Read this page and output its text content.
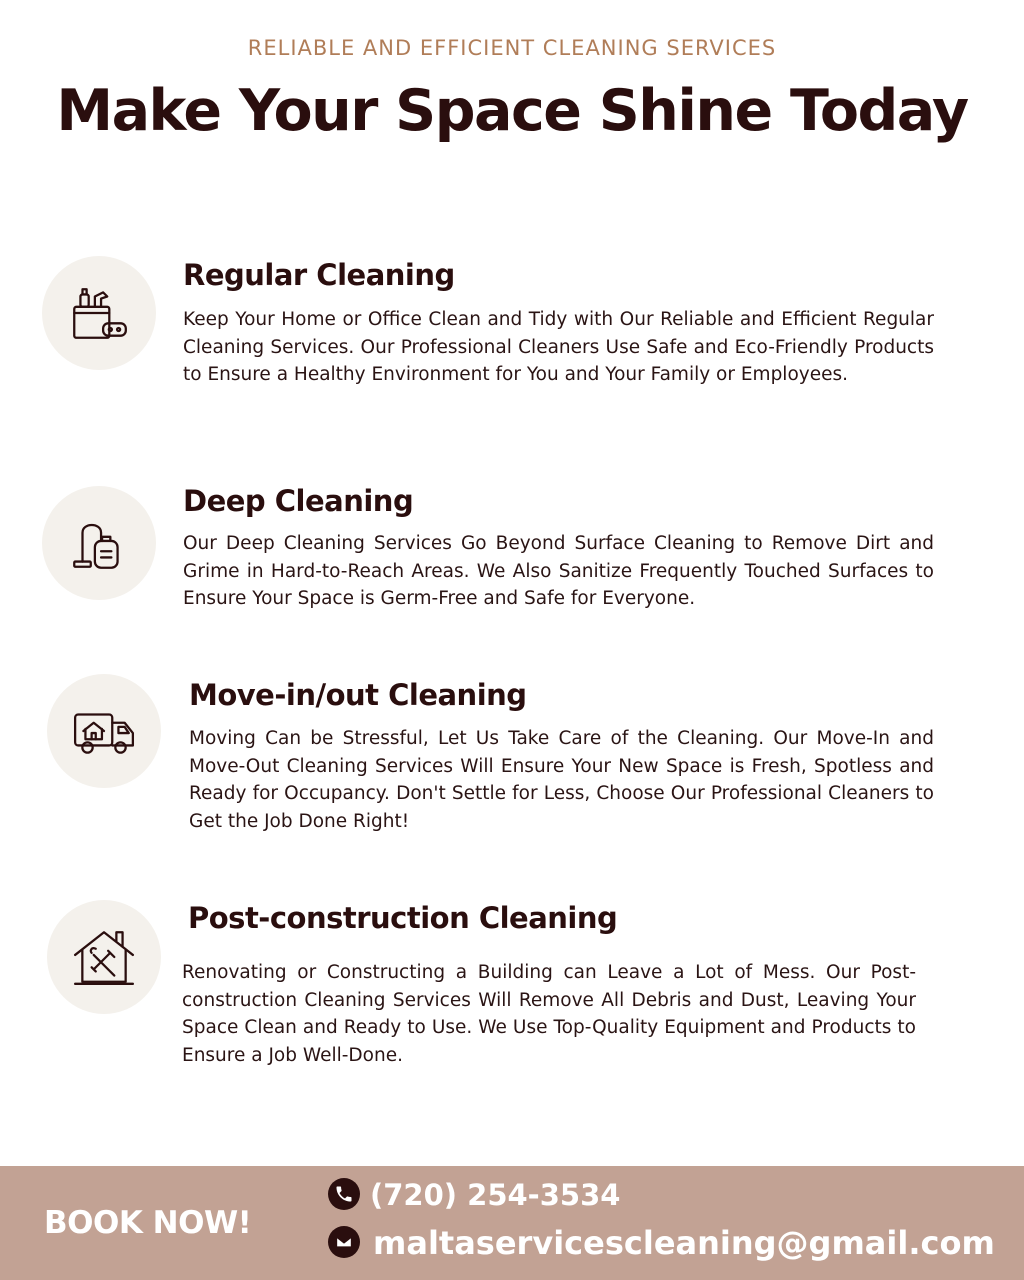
RELIABLE AND EFFICIENT CLEANING SERVICES
Make Your Space Shine Today
Regular Cleaning

Keep Your Home or Office Clean and Tidy with Our Reliable and Efficient Regular Cleaning Services. Our Professional Cleaners Use Safe and Eco-Friendly Products to Ensure a Healthy Environment for You and Your Family or Employees.

Deep Cleaning

Our Deep Cleaning Services Go Beyond Surface Cleaning to Remove Dirt and Grime in Hard-to-Reach Areas. We Also Sanitize Frequently Touched Surfaces to Ensure Your Space is Germ-Free and Safe for Everyone.

Move-in/out Cleaning

Moving Can be Stressful, Let Us Take Care of the Cleaning. Our Move-In and Move-Out Cleaning Services Will Ensure Your New Space is Fresh, Spotless and Ready for Occupancy. Don't Settle for Less, Choose Our Professional Cleaners to Get the Job Done Right!

Post-construction Cleaning

Renovating or Constructing a Building can Leave a Lot of Mess. Our Post-construction Cleaning Services Will Remove All Debris and Dust, Leaving Your Space Clean and Ready to Use. We Use Top-Quality Equipment and Products to Ensure a Job Well-Done.

BOOK NOW!
(720) 254-3534
maltaservicescleaning@gmail.com
